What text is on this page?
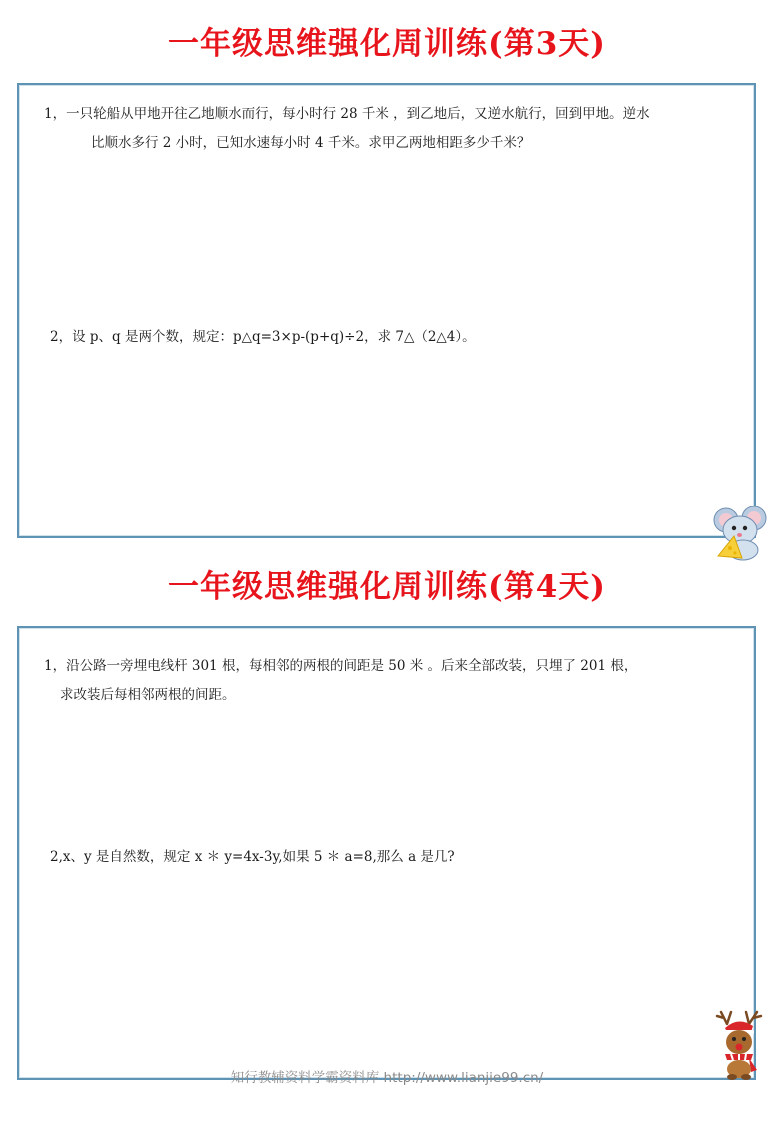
一年级思维强化周训练(第3天)
1，一只轮船从甲地开往乙地顺水而行，每小时行 28 千米 ，到乙地后，又逆水航行，回到甲地。逆水
比顺水多行 2 小时，已知水速每小时 4 千米。求甲乙两地相距多少千米？
2，设 p、q 是两个数，规定：p△q=3×p-(p+q)÷2，求 7△（2△4）。
一年级思维强化周训练(第4天)
1，沿公路一旁埋电线杆 301 根，每相邻的两根的间距是 50 米 。后来全部改装，只埋了 201 根，
求改装后每相邻两根的间距。
2,x、y 是自然数，规定 x ＊ y=4x-3y,如果 5 ＊ a=8,那么 a 是几?
知行教辅资料学霸资料库 http://www.lianjie99.cn/
